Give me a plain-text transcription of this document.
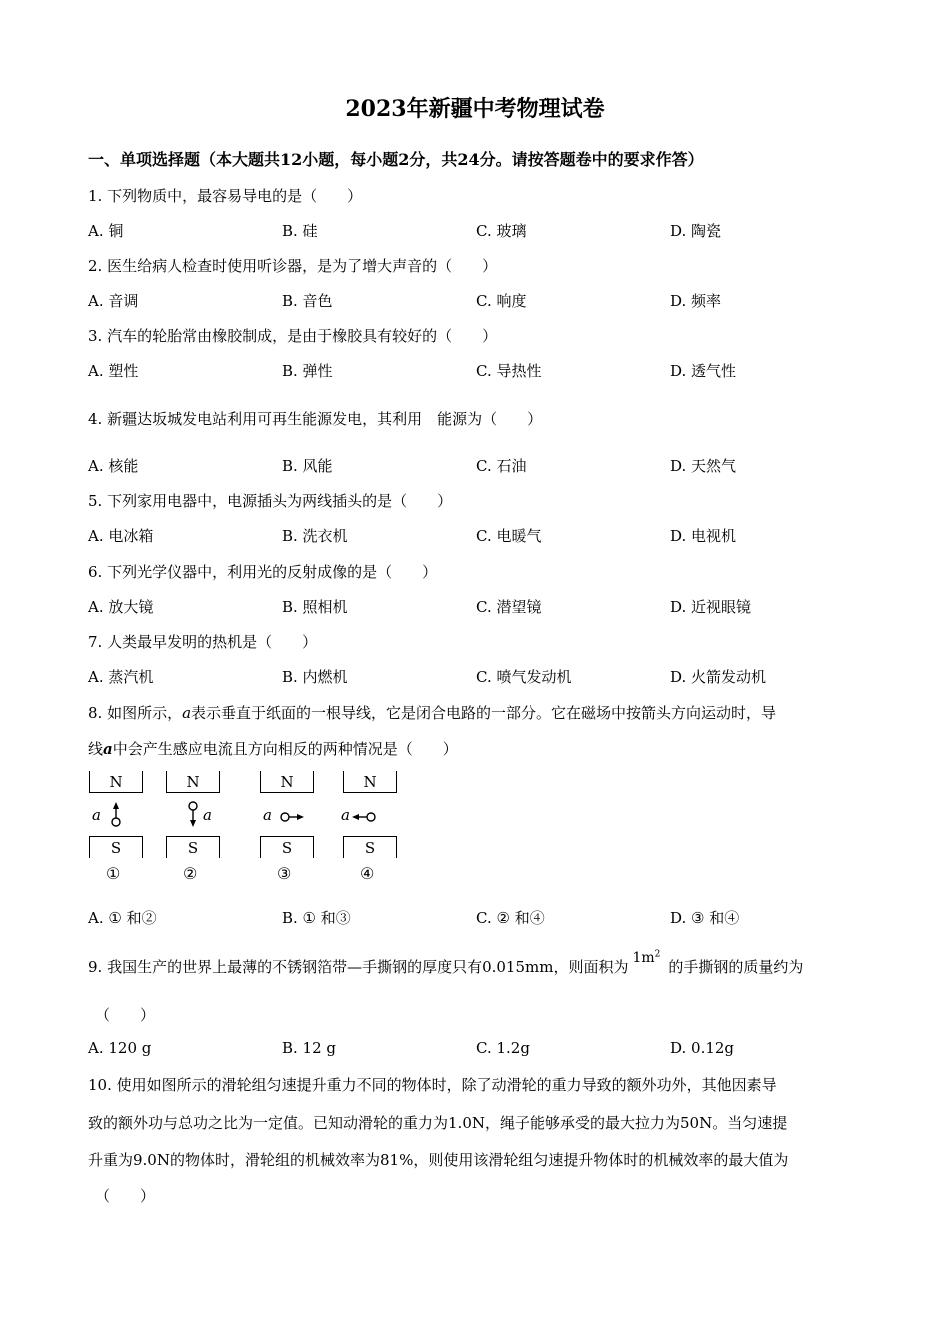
2023年新疆中考物理试卷
一、单项选择题（本大题共12小题，每小题2分，共24分。请按答题卷中的要求作答）
1. 下列物质中，最容易导电的是（　　）
A. 铜	B. 硅	C. 玻璃	D. 陶瓷
2. 医生给病人检查时使用听诊器，是为了增大声音的（　　）
A. 音调	B. 音色	C. 响度	D. 频率
3. 汽车的轮胎常由橡胶制成，是由于橡胶具有较好的（　　）
A. 塑性	B. 弹性	C. 导热性	D. 透气性
4. 新疆达坂城发电站利用可再生能源发电，其利用　能源为（　　）
A. 核能	B. 风能	C. 石油	D. 天然气
5. 下列家用电器中，电源插头为两线插头的是（　　）
A. 电冰箱	B. 洗衣机	C. 电暖气	D. 电视机
6. 下列光学仪器中，利用光的反射成像的是（　　）
A. 放大镜	B. 照相机	C. 潜望镜	D. 近视眼镜
7. 人类最早发明的热机是（　　）
A. 蒸汽机	B. 内燃机	C. 喷气发动机	D. 火箭发动机
8. 如图所示，a表示垂直于纸面的一根导线，它是闭合电路的一部分。它在磁场中按箭头方向运动时，导
线a中会产生感应电流且方向相反的两种情况是（　　）
N
S
a
①
N
S
a
②
N
S
a
③
N
S
a
④
A. ① 和②	B. ① 和③	C. ② 和④	D. ③ 和④
9. 我国生产的世界上最薄的不锈钢箔带—手撕钢的厚度只有0.015mm，则面积为 $1m^2$的手撕钢的质量约为
（　　）
A. 120 g	B. 12 g	C. 1.2g	D. 0.12g
10. 使用如图所示的滑轮组匀速提升重力不同的物体时，除了动滑轮的重力导致的额外功外，其他因素导
致的额外功与总功之比为一定值。已知动滑轮的重力为1.0N，绳子能够承受的最大拉力为50N。当匀速提
升重为9.0N的物体时，滑轮组的机械效率为81%，则使用该滑轮组匀速提升物体时的机械效率的最大值为
（　　）
